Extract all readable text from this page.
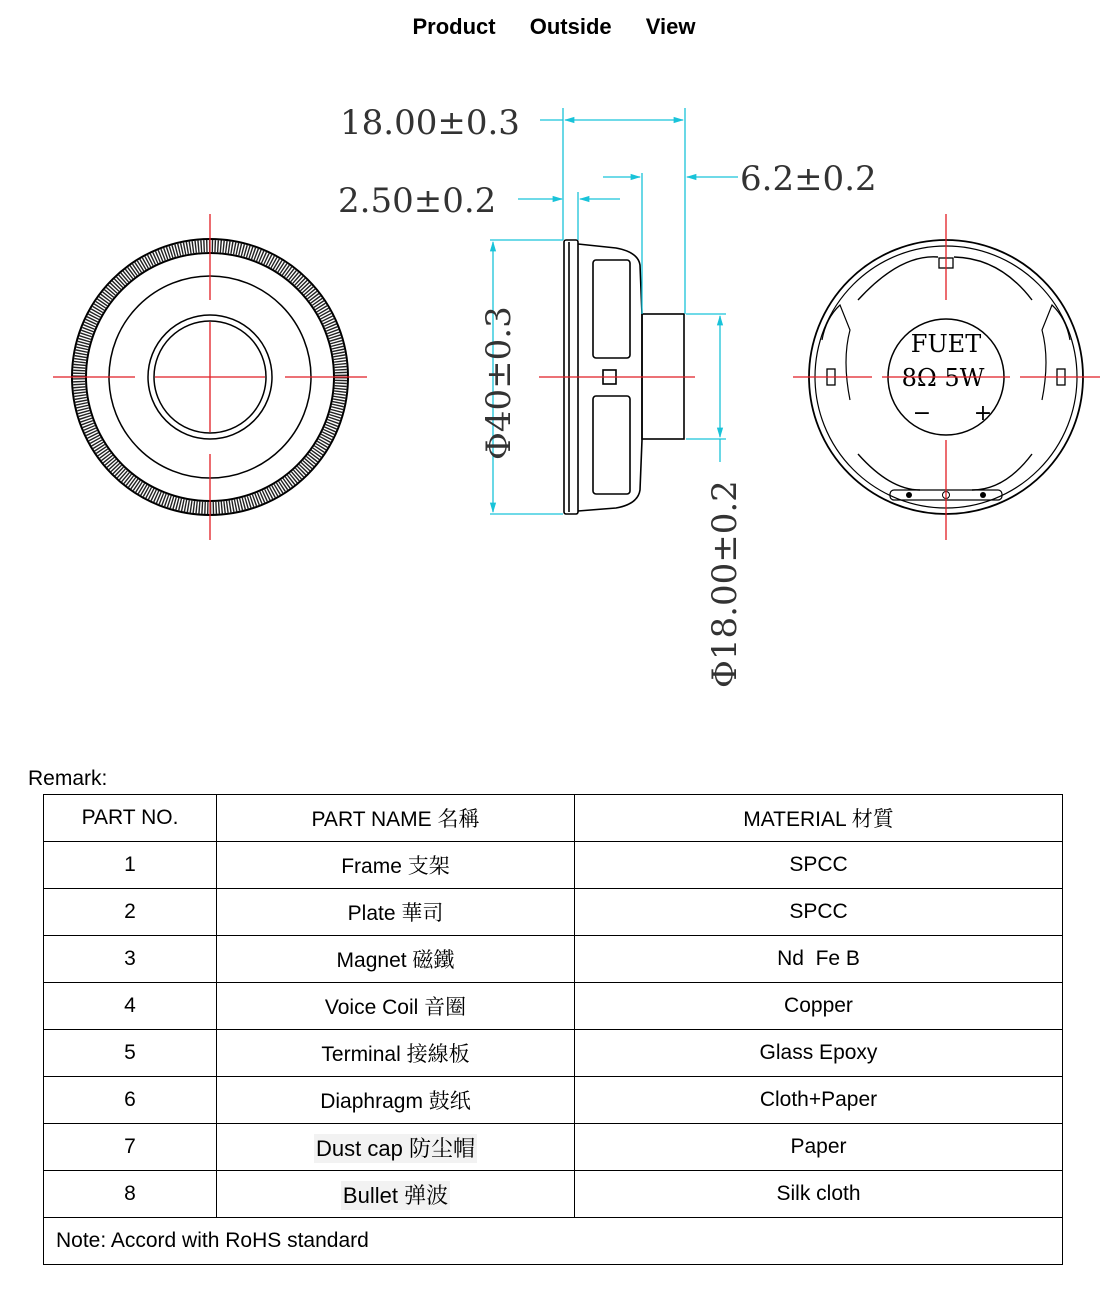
Product Outside View
18.00±0.3
2.50±0.2
6.2±0.2
Φ40±0.3
Φ18.00±0.2
FUET
8Ω 5W
− +
Remark:
PART NO.	PART NAME 名稱	MATERIAL 材質
1	Frame 支架	SPCC
2	Plate 華司	SPCC
3	Magnet 磁鐵	Nd  Fe B
4	Voice Coil 音圈	Copper
5	Terminal 接線板	Glass Epoxy
6	Diaphragm 鼓纸	Cloth+Paper
7	Dust cap 防尘帽	Paper
8	Bullet 弹波	Silk cloth
Note: Accord with RoHS standard		
